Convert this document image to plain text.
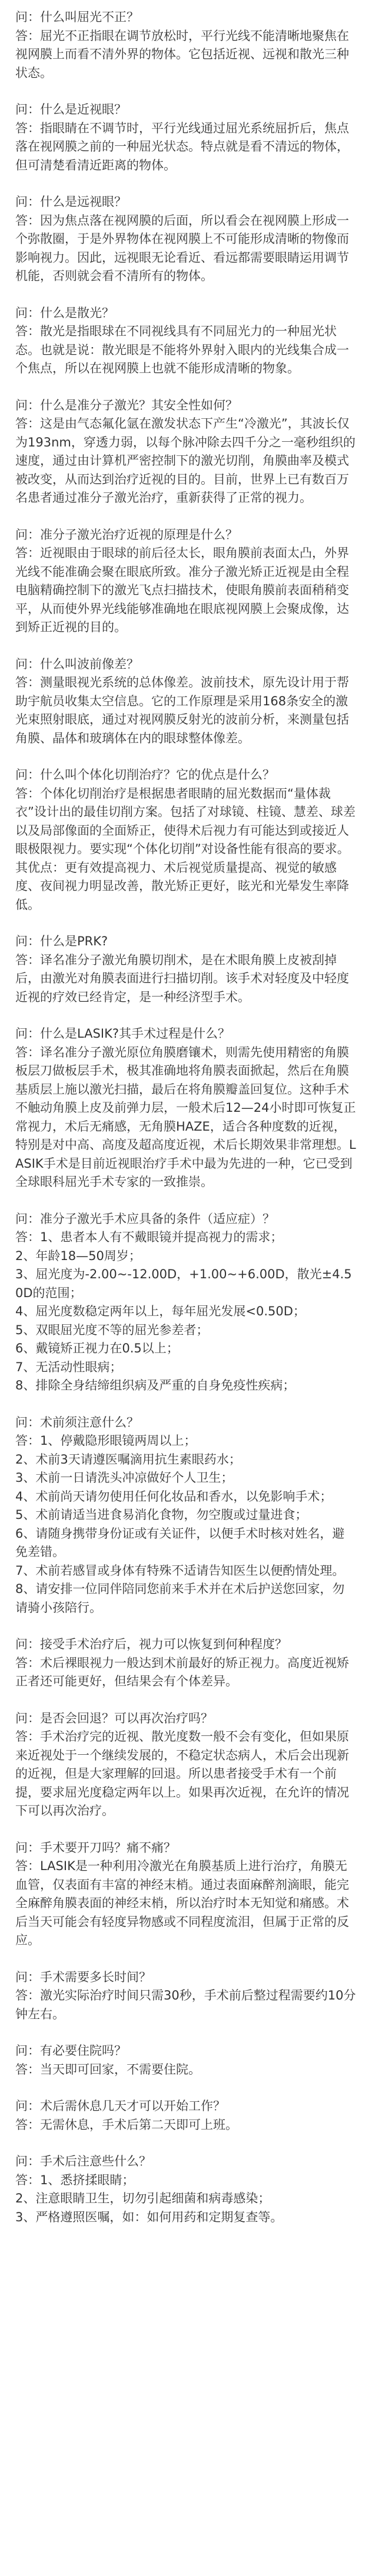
问：什么叫屈光不正？

答：屈光不正指眼在调节放松时，平行光线不能清晰地聚焦在视网膜上而看不清外界的物体。它包括近视、远视和散光三种状态。

问：什么是近视眼？

答：指眼睛在不调节时，平行光线通过屈光系统屈折后，焦点落在视网膜之前的一种屈光状态。特点就是看不清远的物体，但可清楚看清近距离的物体。

问：什么是远视眼？

答：因为焦点落在视网膜的后面，所以看会在视网膜上形成一个弥散圈，于是外界物体在视网膜上不可能形成清晰的物像而影响视力。因此，远视眼无论看近、看远都需要眼睛运用调节机能，否则就会看不清所有的物体。

问：什么是散光？

答：散光是指眼球在不同视线具有不同屈光力的一种屈光状态。也就是说：散光眼是不能将外界射入眼内的光线集合成一个焦点，所以在视网膜上也就不能形成清晰的物象。

问：什么是准分子激光？其安全性如何？

答：这是由气态氟化氩在激发状态下产生“冷激光”，其波长仅为193nm，穿透力弱，以每个脉冲除去四千分之一毫秒组织的速度，通过由计算机严密控制下的激光切削，角膜曲率及模式被改变，从而达到治疗近视的目的。目前，世界上已有数百万名患者通过准分子激光治疗，重新获得了正常的视力。

问：准分子激光治疗近视的原理是什么？

答：近视眼由于眼球的前后径太长，眼角膜前表面太凸，外界光线不能准确会聚在眼底所致。准分子激光矫正近视是由全程电脑精确控制下的激光飞点扫描技术，使眼角膜前表面稍稍变平，从而使外界光线能够准确地在眼底视网膜上会聚成像，达到矫正近视的目的。

问：什么叫波前像差？

答：测量眼视光系统的总体像差。波前技术，原先设计用于帮助宇航员收集太空信息。它的工作原理是采用168条安全的激光束照射眼底，通过对视网膜反射光的波前分析，来测量包括角膜、晶体和玻璃体在内的眼球整体像差。

问：什么叫个体化切削治疗？它的优点是什么？

答：个体化切削治疗是根据患者眼睛的屈光数据而“量体裁衣”设计出的最佳切削方案。包括了对球镜、柱镜、慧差、球差以及局部像面的全面矫正，使得术后视力有可能达到或接近人眼极限视力。要实现“个体化切削”对设备性能有很高的要求。其优点：更有效提高视力、术后视觉质量提高、视觉的敏感度、夜间视力明显改善，散光矫正更好，眩光和光晕发生率降低。

问：什么是PRK?

答：译名准分子激光角膜切削术，是在术眼角膜上皮被刮掉后，由激光对角膜表面进行扫描切削。该手术对轻度及中轻度近视的疗效已经肯定，是一种经济型手术。

问：什么是LASIK?其手术过程是什么？

答：译名准分子激光原位角膜磨镶术，则需先使用精密的角膜板层刀做板层手术，极其准确地将角膜表面掀起，然后在角膜基质层上施以激光扫描，最后在将角膜瓣盖回复位。这种手术不触动角膜上皮及前弹力层，一般术后12—24小时即可恢复正常视力，术后无痛感，无角膜HAZE，适合各种度数的近视，特别是对中高、高度及超高度近视，术后长期效果非常理想。LASIK手术是目前近视眼治疗手术中最为先进的一种，它已受到全球眼科屈光手术专家的一致推崇。

问：准分子激光手术应具备的条件（适应症）？

答：1、患者本人有不戴眼镜并提高视力的需求；

2、年龄18—50周岁；

3、屈光度为-2.00~-12.00D，+1.00~+6.00D，散光±4.50D的范围；

4、屈光度数稳定两年以上，每年屈光发展<0.50D；

5、双眼屈光度不等的屈光参差者；

6、戴镜矫正视力在0.5以上；

7、无活动性眼病；

8、排除全身结缔组织病及严重的自身免疫性疾病；

问：术前须注意什么？

答：1、停戴隐形眼镜两周以上；

2、术前3天请遵医嘱滴用抗生素眼药水；

3、术前一日请洗头冲凉做好个人卫生；

4、术前尚天请勿使用任何化妆品和香水，以免影响手术；

5、术前请适当进食易消化食物，勿空腹或过量进食；

6、请随身携带身份证或有关证件，以便手术时核对姓名，避免差错。

7、术前若感冒或身体有特殊不适请告知医生以便酌情处理。

8、请安排一位同伴陪同您前来手术并在术后护送您回家，勿请骑小孩陪行。

问：接受手术治疗后，视力可以恢复到何种程度？

答：术后裸眼视力一般达到术前最好的矫正视力。高度近视矫正者还可能更好，但结果会有个体差异。

问：是否会回退？可以再次治疗吗？

答：手术治疗完的近视、散光度数一般不会有变化，但如果原来近视处于一个继续发展的，不稳定状态病人，术后会出现新的近视，但是大家理解的回退。所以患者接受手术有一个前提，要求屈光度稳定两年以上。如果再次近视，在允许的情况下可以再次治疗。

问：手术要开刀吗？痛不痛？

答：LASIK是一种利用冷激光在角膜基质上进行治疗，角膜无血管，仅表面有丰富的神经末梢。通过表面麻醉剂滴眼，能完全麻醉角膜表面的神经末梢，所以治疗时本无知觉和痛感。术后当天可能会有轻度异物感或不同程度流泪，但属于正常的反应。

问：手术需要多长时间？

答：激光实际治疗时间只需30秒，手术前后整过程需要约10分钟左右。

问：有必要住院吗？

答：当天即可回家，不需要住院。

问：术后需休息几天才可以开始工作？

答：无需休息，手术后第二天即可上班。

问：手术后注意些什么？

答：1、悉挤揉眼睛；

2、注意眼睛卫生，切勿引起细菌和病毒感染；

3、严格遵照医嘱，如：如何用药和定期复查等。
